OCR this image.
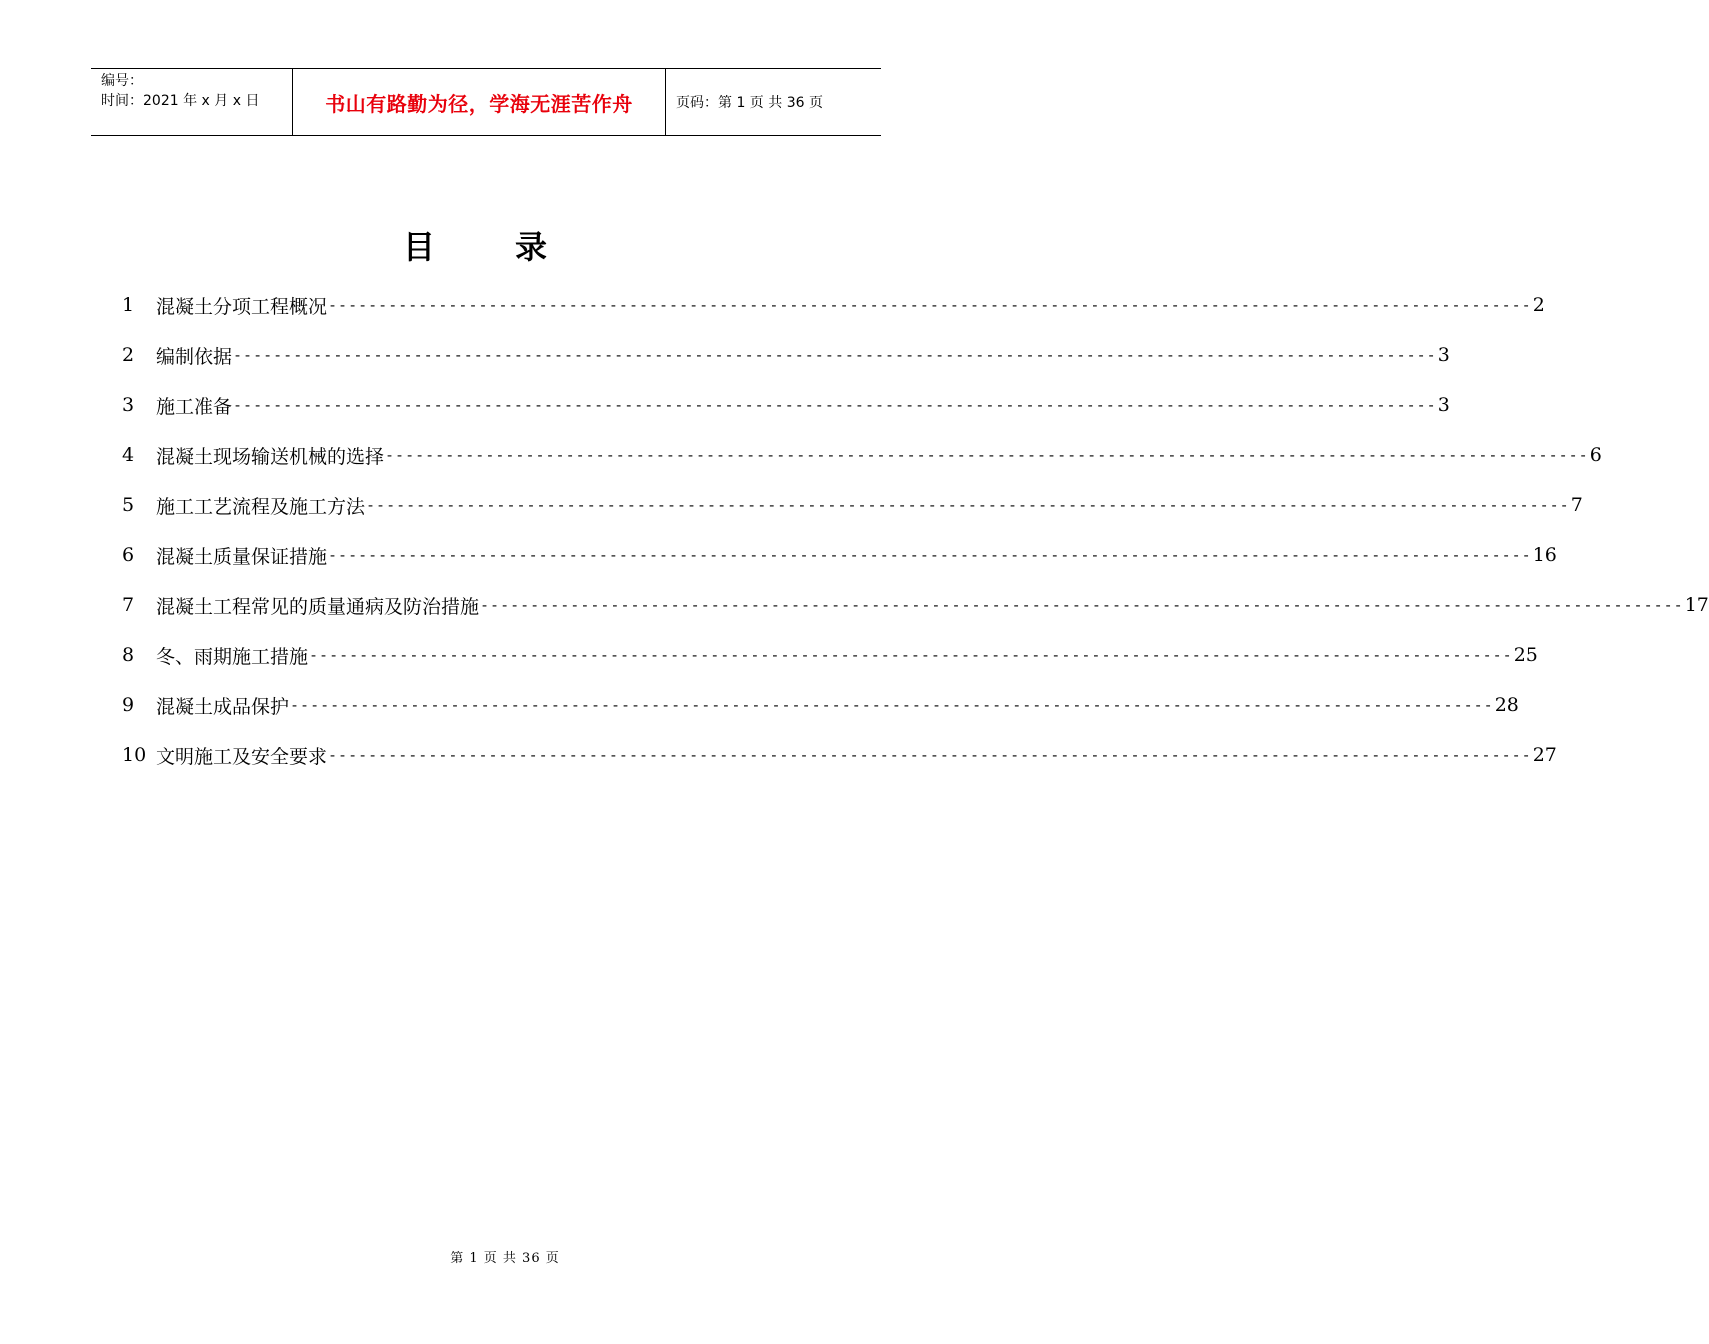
编号：
时间：2021 年 x 月 x 日	书山有路勤为径，学海无涯苦作舟	页码：第 1 页 共 36 页
目	录
1	混凝土分项工程概况 ------------------------------------------------------------------------------------------------------------------------ 2
2	编制依据 ------------------------------------------------------------------------------------------------------------------------ 3
3	施工准备 ------------------------------------------------------------------------------------------------------------------------ 3
4	混凝土现场输送机械的选择 ------------------------------------------------------------------------------------------------------------------------ 6
5	施工工艺流程及施工方法 ------------------------------------------------------------------------------------------------------------------------ 7
6	混凝土质量保证措施 ------------------------------------------------------------------------------------------------------------------------ 16
7	混凝土工程常见的质量通病及防治措施 ------------------------------------------------------------------------------------------------------------------------ 17
8	冬、雨期施工措施 ------------------------------------------------------------------------------------------------------------------------ 25
9	混凝土成品保护 ------------------------------------------------------------------------------------------------------------------------ 28
10 文明施工及安全要求 ------------------------------------------------------------------------------------------------------------------------ 27
第 1 页 共 36 页
